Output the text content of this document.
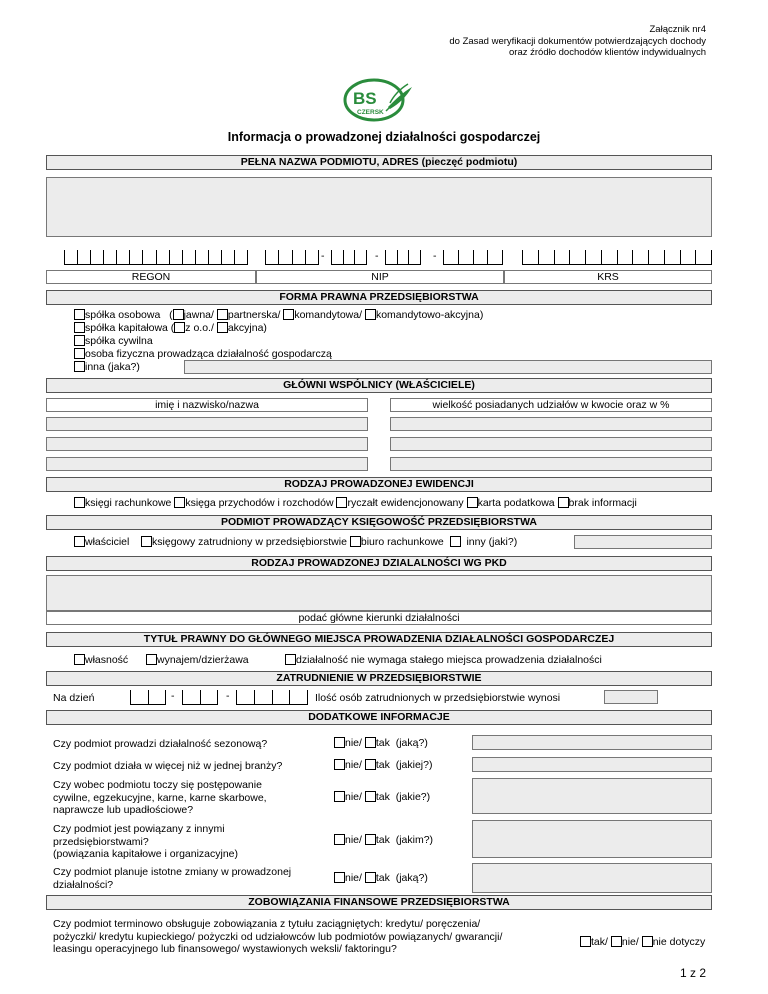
Załącznik nr4
do Zasad weryfikacji dokumentów potwierdzających dochody
oraz źródło dochodów klientów indywidualnych
BS
CZERSK
Informacja o prowadzonej działalności gospodarczej
PEŁNA NAZWA PODMIOTU, ADRES (pieczęć podmiotu)
-	-	-
REGON	NIP	KRS
FORMA PRAWNA PRZEDSIĘBIORSTWA
spółka osobowa ( jawna/ partnerska/ komandytowa/ komandytowo-akcyjna)
spółka kapitałowa ( z o.o./ akcyjna)
spółka cywilna
osoba fizyczna prowadząca działalność gospodarczą
inna (jaka?)
GŁÓWNI WSPÓLNICY (WŁAŚCICIELE)
imię i nazwisko/nazwa	wielkość posiadanych udziałów w kwocie oraz w %
RODZAJ PROWADZONEJ EWIDENCJI
księgi rachunkowe księga przychodów i rozchodów ryczałt ewidencjonowany karta podatkowa brak informacji
PODMIOT PROWADZĄCY KSIĘGOWOŚĆ PRZEDSIĘBIORSTWA
właściciel księgowy zatrudniony w przedsiębiorstwie biuro rachunkowe inny (jaki?)
RODZAJ PROWADZONEJ DZIALALNOŚCI WG PKD
podać główne kierunki działalności
TYTUŁ PRAWNY DO GŁÓWNEGO MIEJSCA PROWADZENIA DZIAŁALNOŚCI GOSPODARCZEJ
własność	wynajem/dzierżawa	działalność nie wymaga stałego miejsca prowadzenia działalności
ZATRUDNIENIE W PRZEDSIĘBIORSTWIE
Na dzień	-	-	Ilość osób zatrudnionych w przedsiębiorstwie wynosi
DODATKOWE INFORMACJE
Czy podmiot prowadzi działalność sezonową?	nie/ tak (jaką?)
Czy podmiot działa w więcej niż w jednej branży?	nie/ tak (jakiej?)
Czy wobec podmiotu toczy się postępowanie
cywilne, egzekucyjne, karne, karne skarbowe,
naprawcze lub upadłościowe?
nie/ tak (jakie?)
Czy podmiot jest powiązany z innymi
przedsiębiorstwami?
(powiązania kapitałowe i organizacyjne)
nie/ tak (jakim?)
Czy podmiot planuje istotne zmiany w prowadzonej
działalności?
nie/ tak (jaką?)
ZOBOWIĄZANIA FINANSOWE PRZEDSIĘBIORSTWA
Czy podmiot terminowo obsługuje zobowiązania z tytułu zaciągniętych: kredytu/ poręczenia/
pożyczki/ kredytu kupieckiego/ pożyczki od udziałowców lub podmiotów powiązanych/ gwarancji/
leasingu operacyjnego lub finansowego/ wystawionych weksli/ faktoringu?
tak/ nie/ nie dotyczy
1 z 2
